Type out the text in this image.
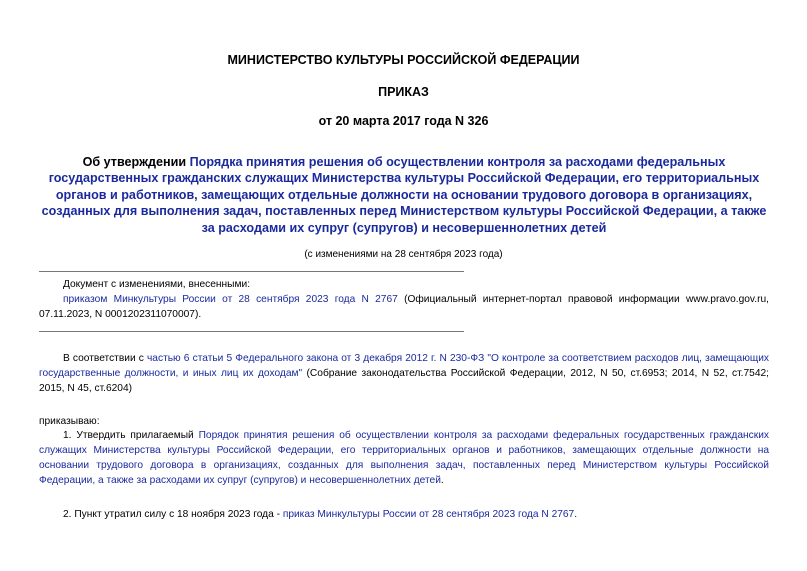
МИНИСТЕРСТВО КУЛЬТУРЫ РОССИЙСКОЙ ФЕДЕРАЦИИ
ПРИКАЗ
от 20 марта 2017 года N 326
Об утверждении Порядка принятия решения об осуществлении контроля за расходами федеральных государственных гражданских служащих Министерства культуры Российской Федерации, его территориальных органов и работников, замещающих отдельные должности на основании трудового договора в организациях, созданных для выполнения задач, поставленных перед Министерством культуры Российской Федерации, а также за расходами их супруг (супругов) и несовершеннолетних детей
(с изменениями на 28 сентября 2023 года)
Документ с изменениями, внесенными:
приказом Минкультуры России от 28 сентября 2023 года N 2767 (Официальный интернет-портал правовой информации www.pravo.gov.ru, 07.11.2023, N 0001202311070007).
В соответствии с частью 6 статьи 5 Федерального закона от 3 декабря 2012 г. N 230-ФЗ "О контроле за соответствием расходов лиц, замещающих государственные должности, и иных лиц их доходам" (Собрание законодательства Российской Федерации, 2012, N 50, ст.6953; 2014, N 52, ст.7542; 2015, N 45, ст.6204)
приказываю:
1. Утвердить прилагаемый Порядок принятия решения об осуществлении контроля за расходами федеральных государственных гражданских служащих Министерства культуры Российской Федерации, его территориальных органов и работников, замещающих отдельные должности на основании трудового договора в организациях, созданных для выполнения задач, поставленных перед Министерством культуры Российской Федерации, а также за расходами их супруг (супругов) и несовершеннолетних детей.
2. Пункт утратил силу с 18 ноября 2023 года - приказ Минкультуры России от 28 сентября 2023 года N 2767.
